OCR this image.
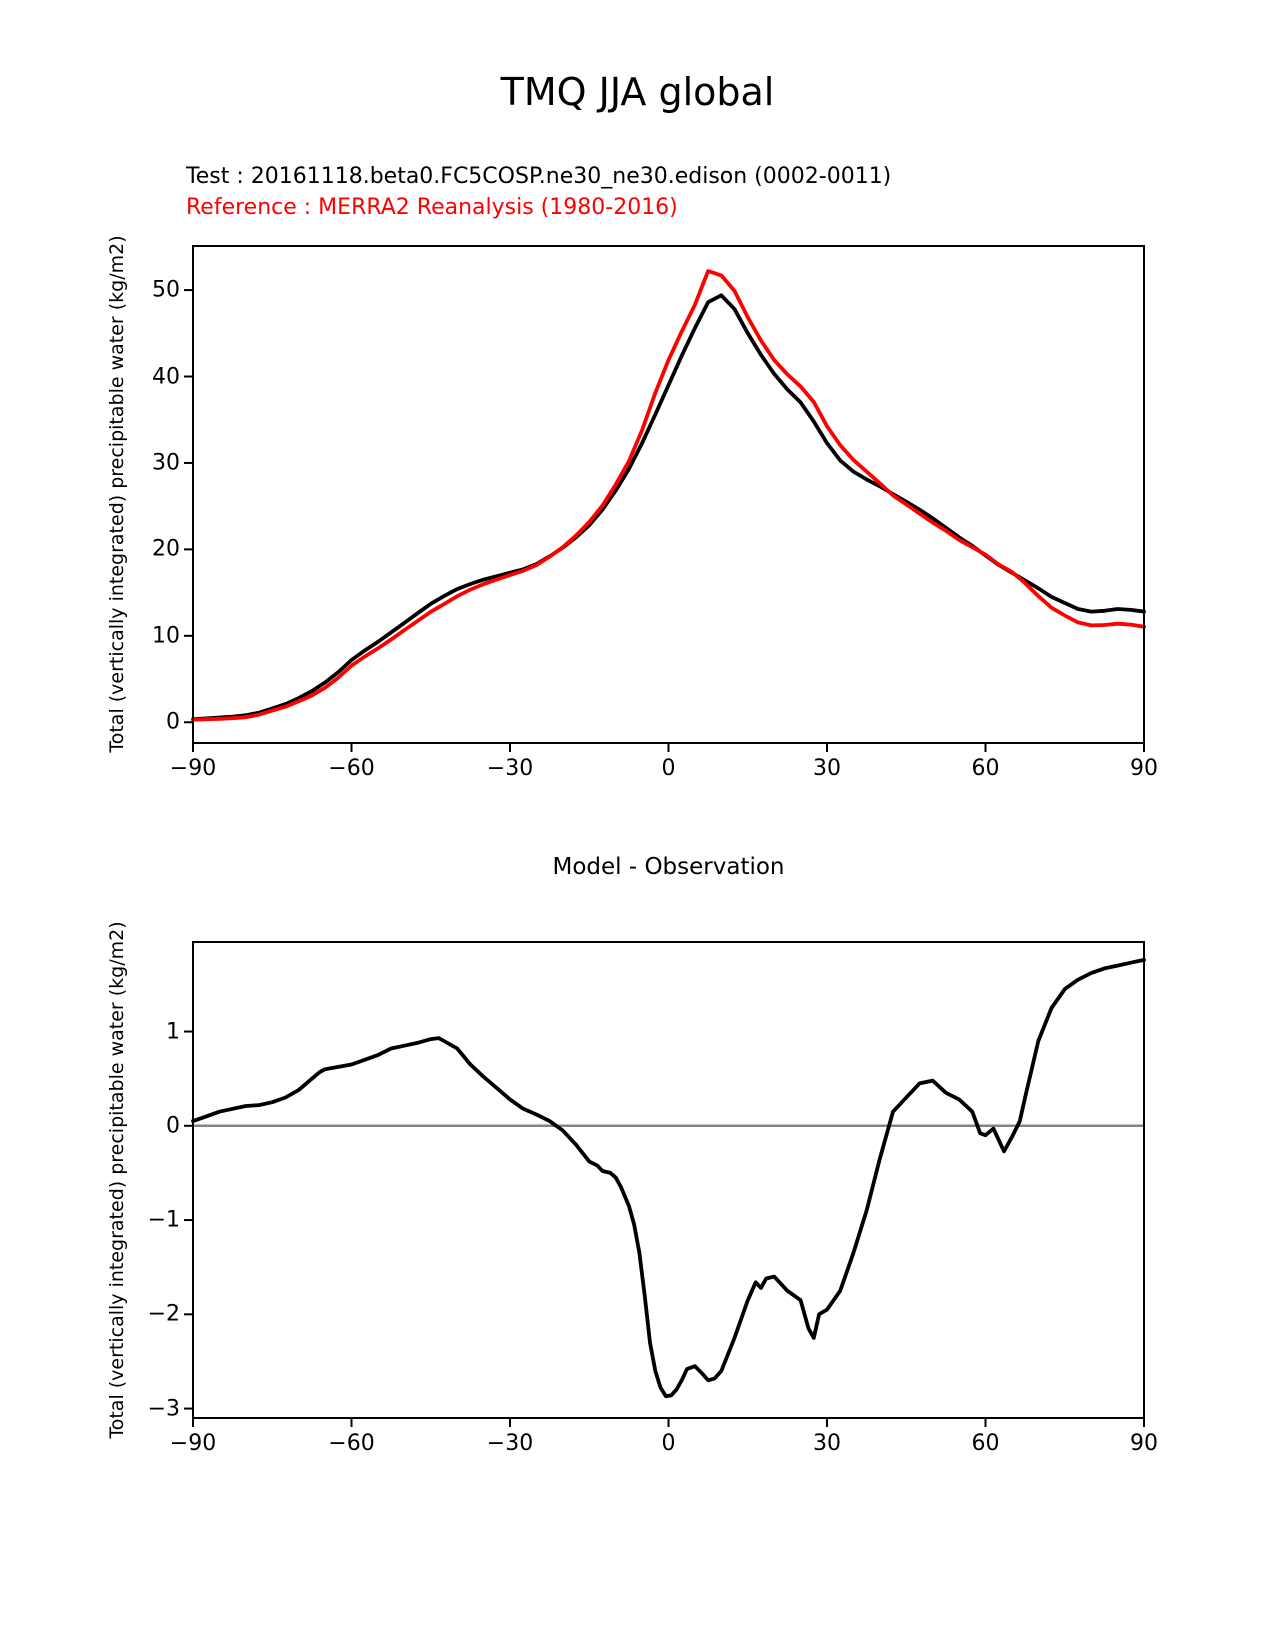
TMQ JJA global
Test : 20161118.beta0.FC5COSP.ne30_ne30.edison (0002-0011)
Reference : MERRA2 Reanalysis (1980-2016)
Total (vertically integrated) precipitable water (kg/m2)
Model - Observation
Total (vertically integrated) precipitable water (kg/m2)
−90	−60	−30	0	30	60	90
0
10
20
30
40
50
−90	−60	−30	0	30	60	90
1
0
−1
−2
−3
